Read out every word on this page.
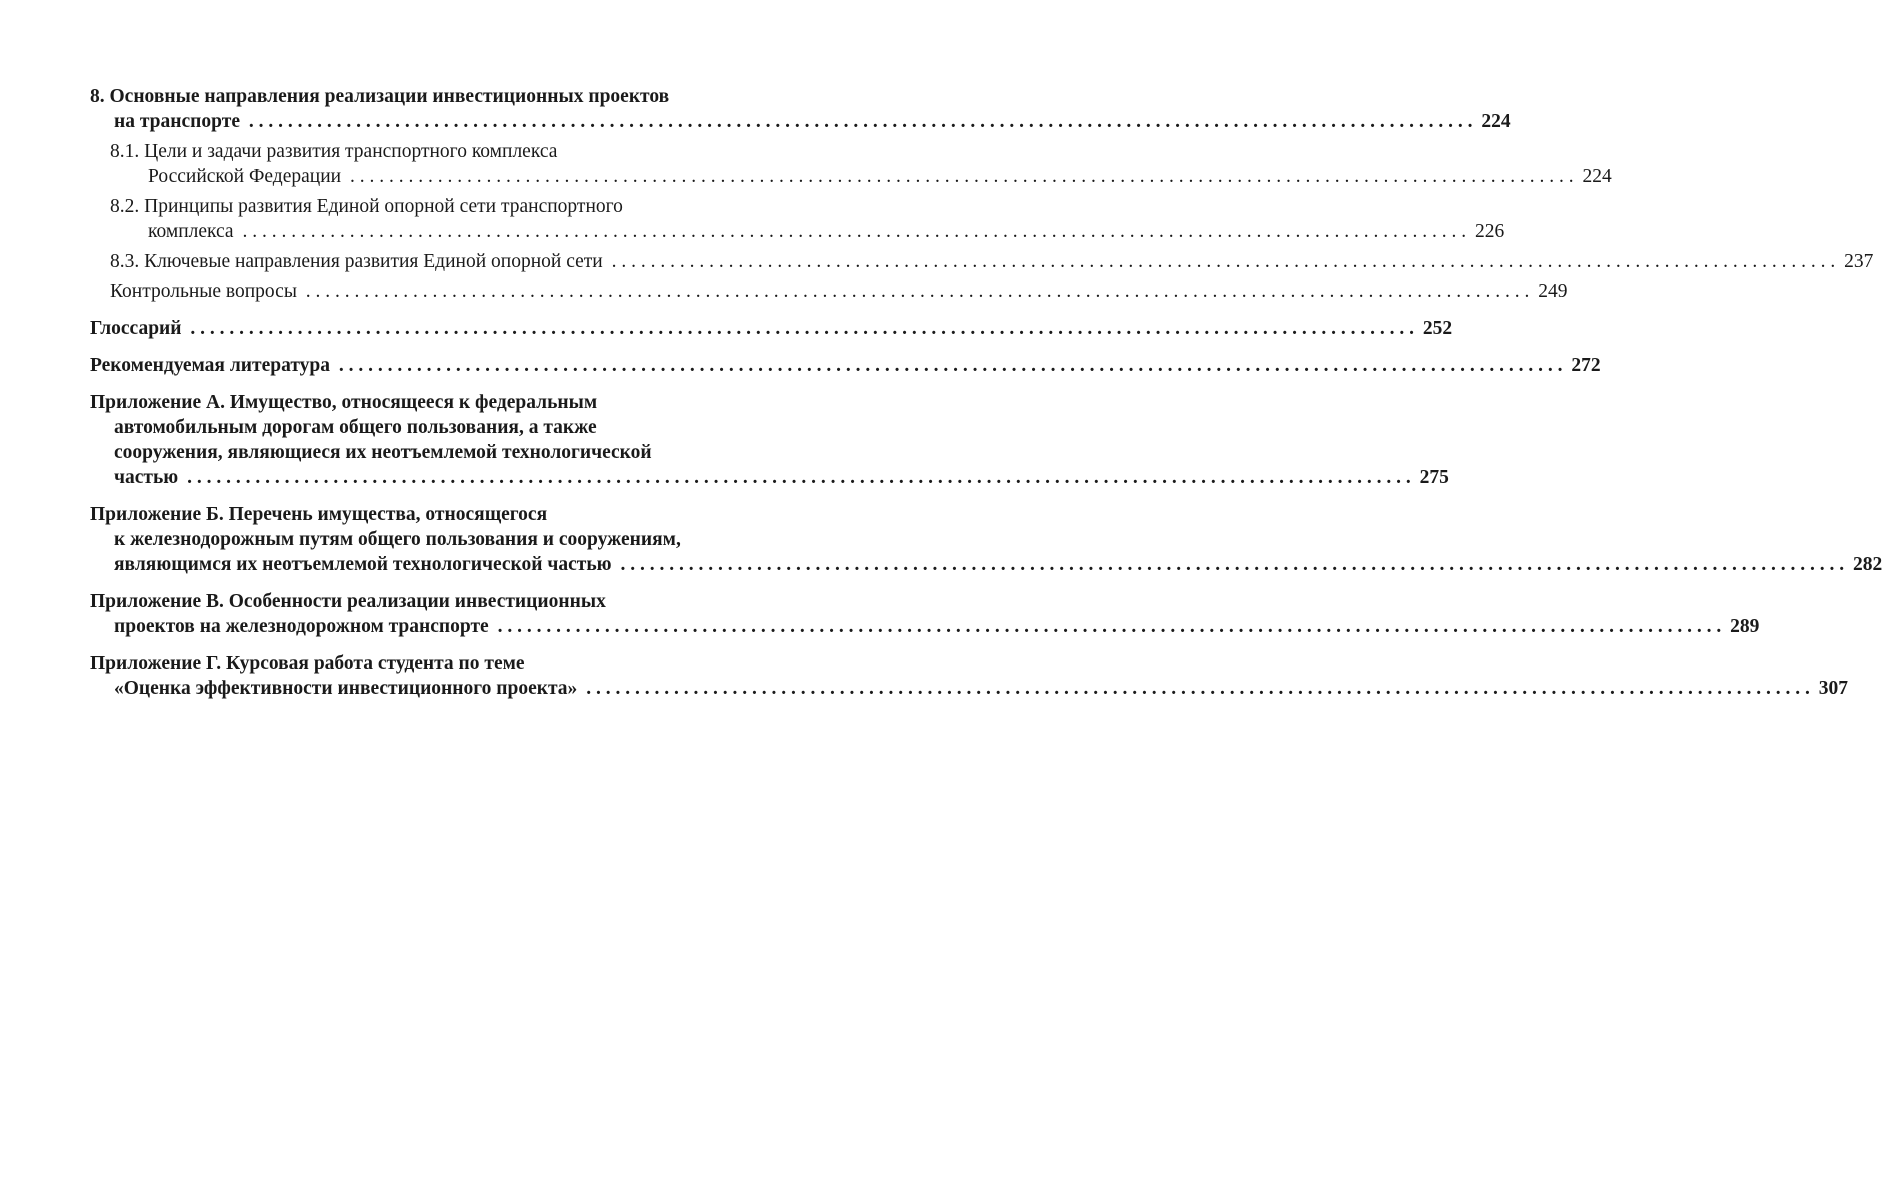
8. Основные направления реализации инвестиционных проектов
на транспорте . . .	224
8.1. Цели и задачи развития транспортного комплекса
Российской Федерации . . .	224
8.2. Принципы развития Единой опорной сети транспортного
комплекса . . .	226
8.3. Ключевые направления развития Единой опорной сети . . .	237
Контрольные вопросы . . .	249
Глоссарий . . .	252
Рекомендуемая литература . . .	272
Приложение А. Имущество, относящееся к федеральным
автомобильным дорогам общего пользования, а также
сооружения, являющиеся их неотъемлемой технологической
частью . . .	275
Приложение Б. Перечень имущества, относящегося
к железнодорожным путям общего пользования и сооружениям,
являющимся их неотъемлемой технологической частью . . .	282
Приложение В. Особенности реализации инвестиционных
проектов на железнодорожном транспорте . . .	289
Приложение Г. Курсовая работа студента по теме
«Оценка эффективности инвестиционного проекта» . . .	307
